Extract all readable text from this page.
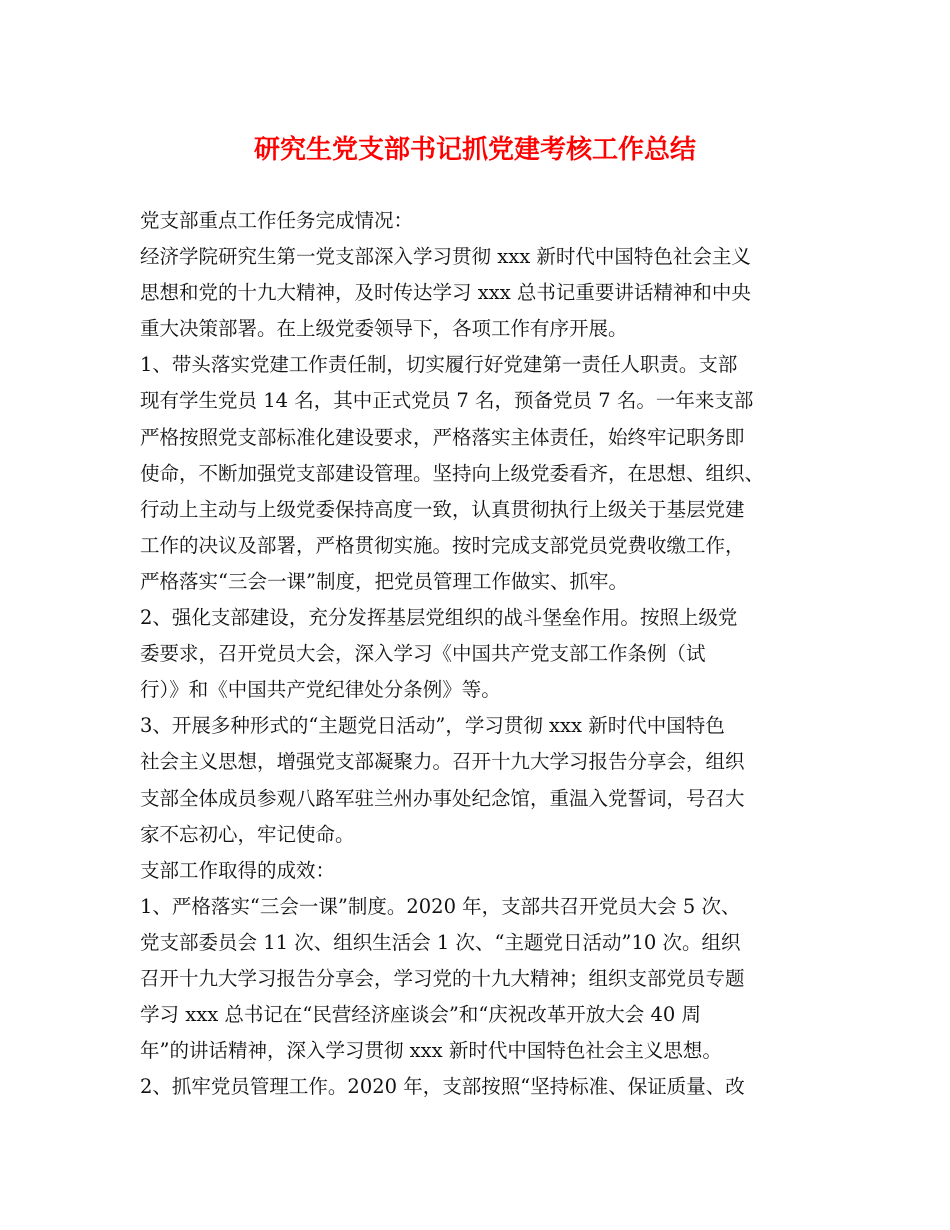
研究生党支部书记抓党建考核工作总结
党支部重点工作任务完成情况：
经济学院研究生第一党支部深入学习贯彻 xxx 新时代中国特色社会主义
思想和党的十九大精神，及时传达学习 xxx 总书记重要讲话精神和中央
重大决策部署。在上级党委领导下，各项工作有序开展。
1、带头落实党建工作责任制，切实履行好党建第一责任人职责。支部
现有学生党员 14 名，其中正式党员 7 名，预备党员 7 名。一年来支部
严格按照党支部标准化建设要求，严格落实主体责任，始终牢记职务即
使命，不断加强党支部建设管理。坚持向上级党委看齐，在思想、组织、
行动上主动与上级党委保持高度一致，认真贯彻执行上级关于基层党建
工作的决议及部署，严格贯彻实施。按时完成支部党员党费收缴工作，
严格落实“三会一课”制度，把党员管理工作做实、抓牢。
2、强化支部建设，充分发挥基层党组织的战斗堡垒作用。按照上级党
委要求，召开党员大会，深入学习《中国共产党支部工作条例（试
行）》和《中国共产党纪律处分条例》等。
3、开展多种形式的“主题党日活动”，学习贯彻 xxx 新时代中国特色
社会主义思想，增强党支部凝聚力。召开十九大学习报告分享会，组织
支部全体成员参观八路军驻兰州办事处纪念馆，重温入党誓词，号召大
家不忘初心，牢记使命。
支部工作取得的成效：
1、严格落实“三会一课”制度。2020 年，支部共召开党员大会 5 次、
党支部委员会 11 次、组织生活会 1 次、“主题党日活动”10 次。组织
召开十九大学习报告分享会，学习党的十九大精神；组织支部党员专题
学习 xxx 总书记在“民营经济座谈会”和“庆祝改革开放大会 40 周
年”的讲话精神，深入学习贯彻 xxx 新时代中国特色社会主义思想。
2、抓牢党员管理工作。2020 年，支部按照“坚持标准、保证质量、改
